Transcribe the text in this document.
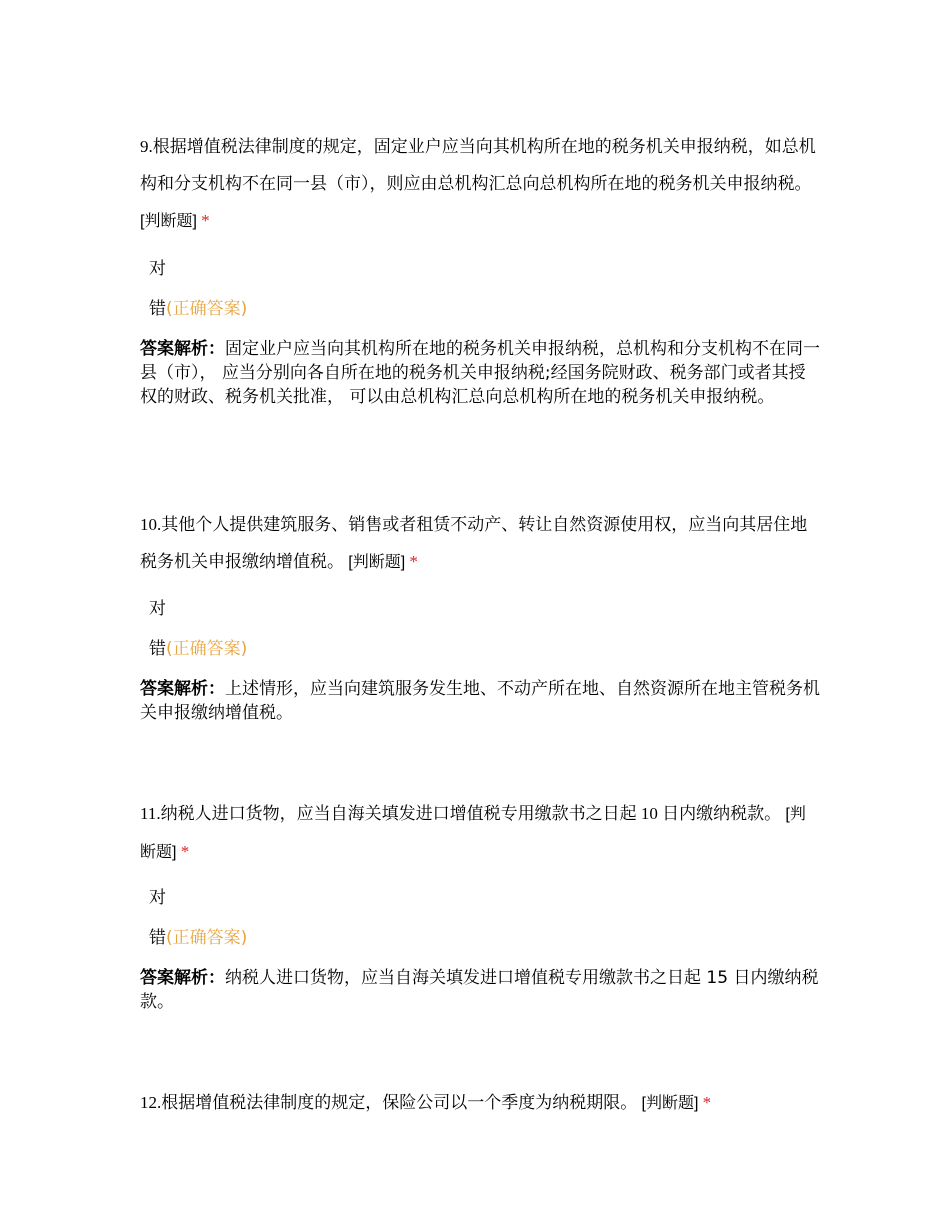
9.根据增值税法律制度的规定，固定业户应当向其机构所在地的税务机关申报纳税，如总机构和分支机构不在同一县（市），则应由总机构汇总向总机构所在地的税务机关申报纳税。 [判断题] *

对
错(正确答案)
答案解析：固定业户应当向其机构所在地的税务机关申报纳税，总机构和分支机构不在同一县（市）， 应当分别向各自所在地的税务机关申报纳税;经国务院财政、税务部门或者其授权的财政、税务机关批准， 可以由总机构汇总向总机构所在地的税务机关申报纳税。

10.其他个人提供建筑服务、销售或者租赁不动产、转让自然资源使用权，应当向其居住地税务机关申报缴纳增值税。 [判断题] *

对
错(正确答案)
答案解析：上述情形，应当向建筑服务发生地、不动产所在地、自然资源所在地主管税务机关申报缴纳增值税。

11.纳税人进口货物，应当自海关填发进口增值税专用缴款书之日起 10 日内缴纳税款。 [判断题] *

对
错(正确答案)
答案解析：纳税人进口货物，应当自海关填发进口增值税专用缴款书之日起 15 日内缴纳税款。

12.根据增值税法律制度的规定，保险公司以一个季度为纳税期限。 [判断题] *
